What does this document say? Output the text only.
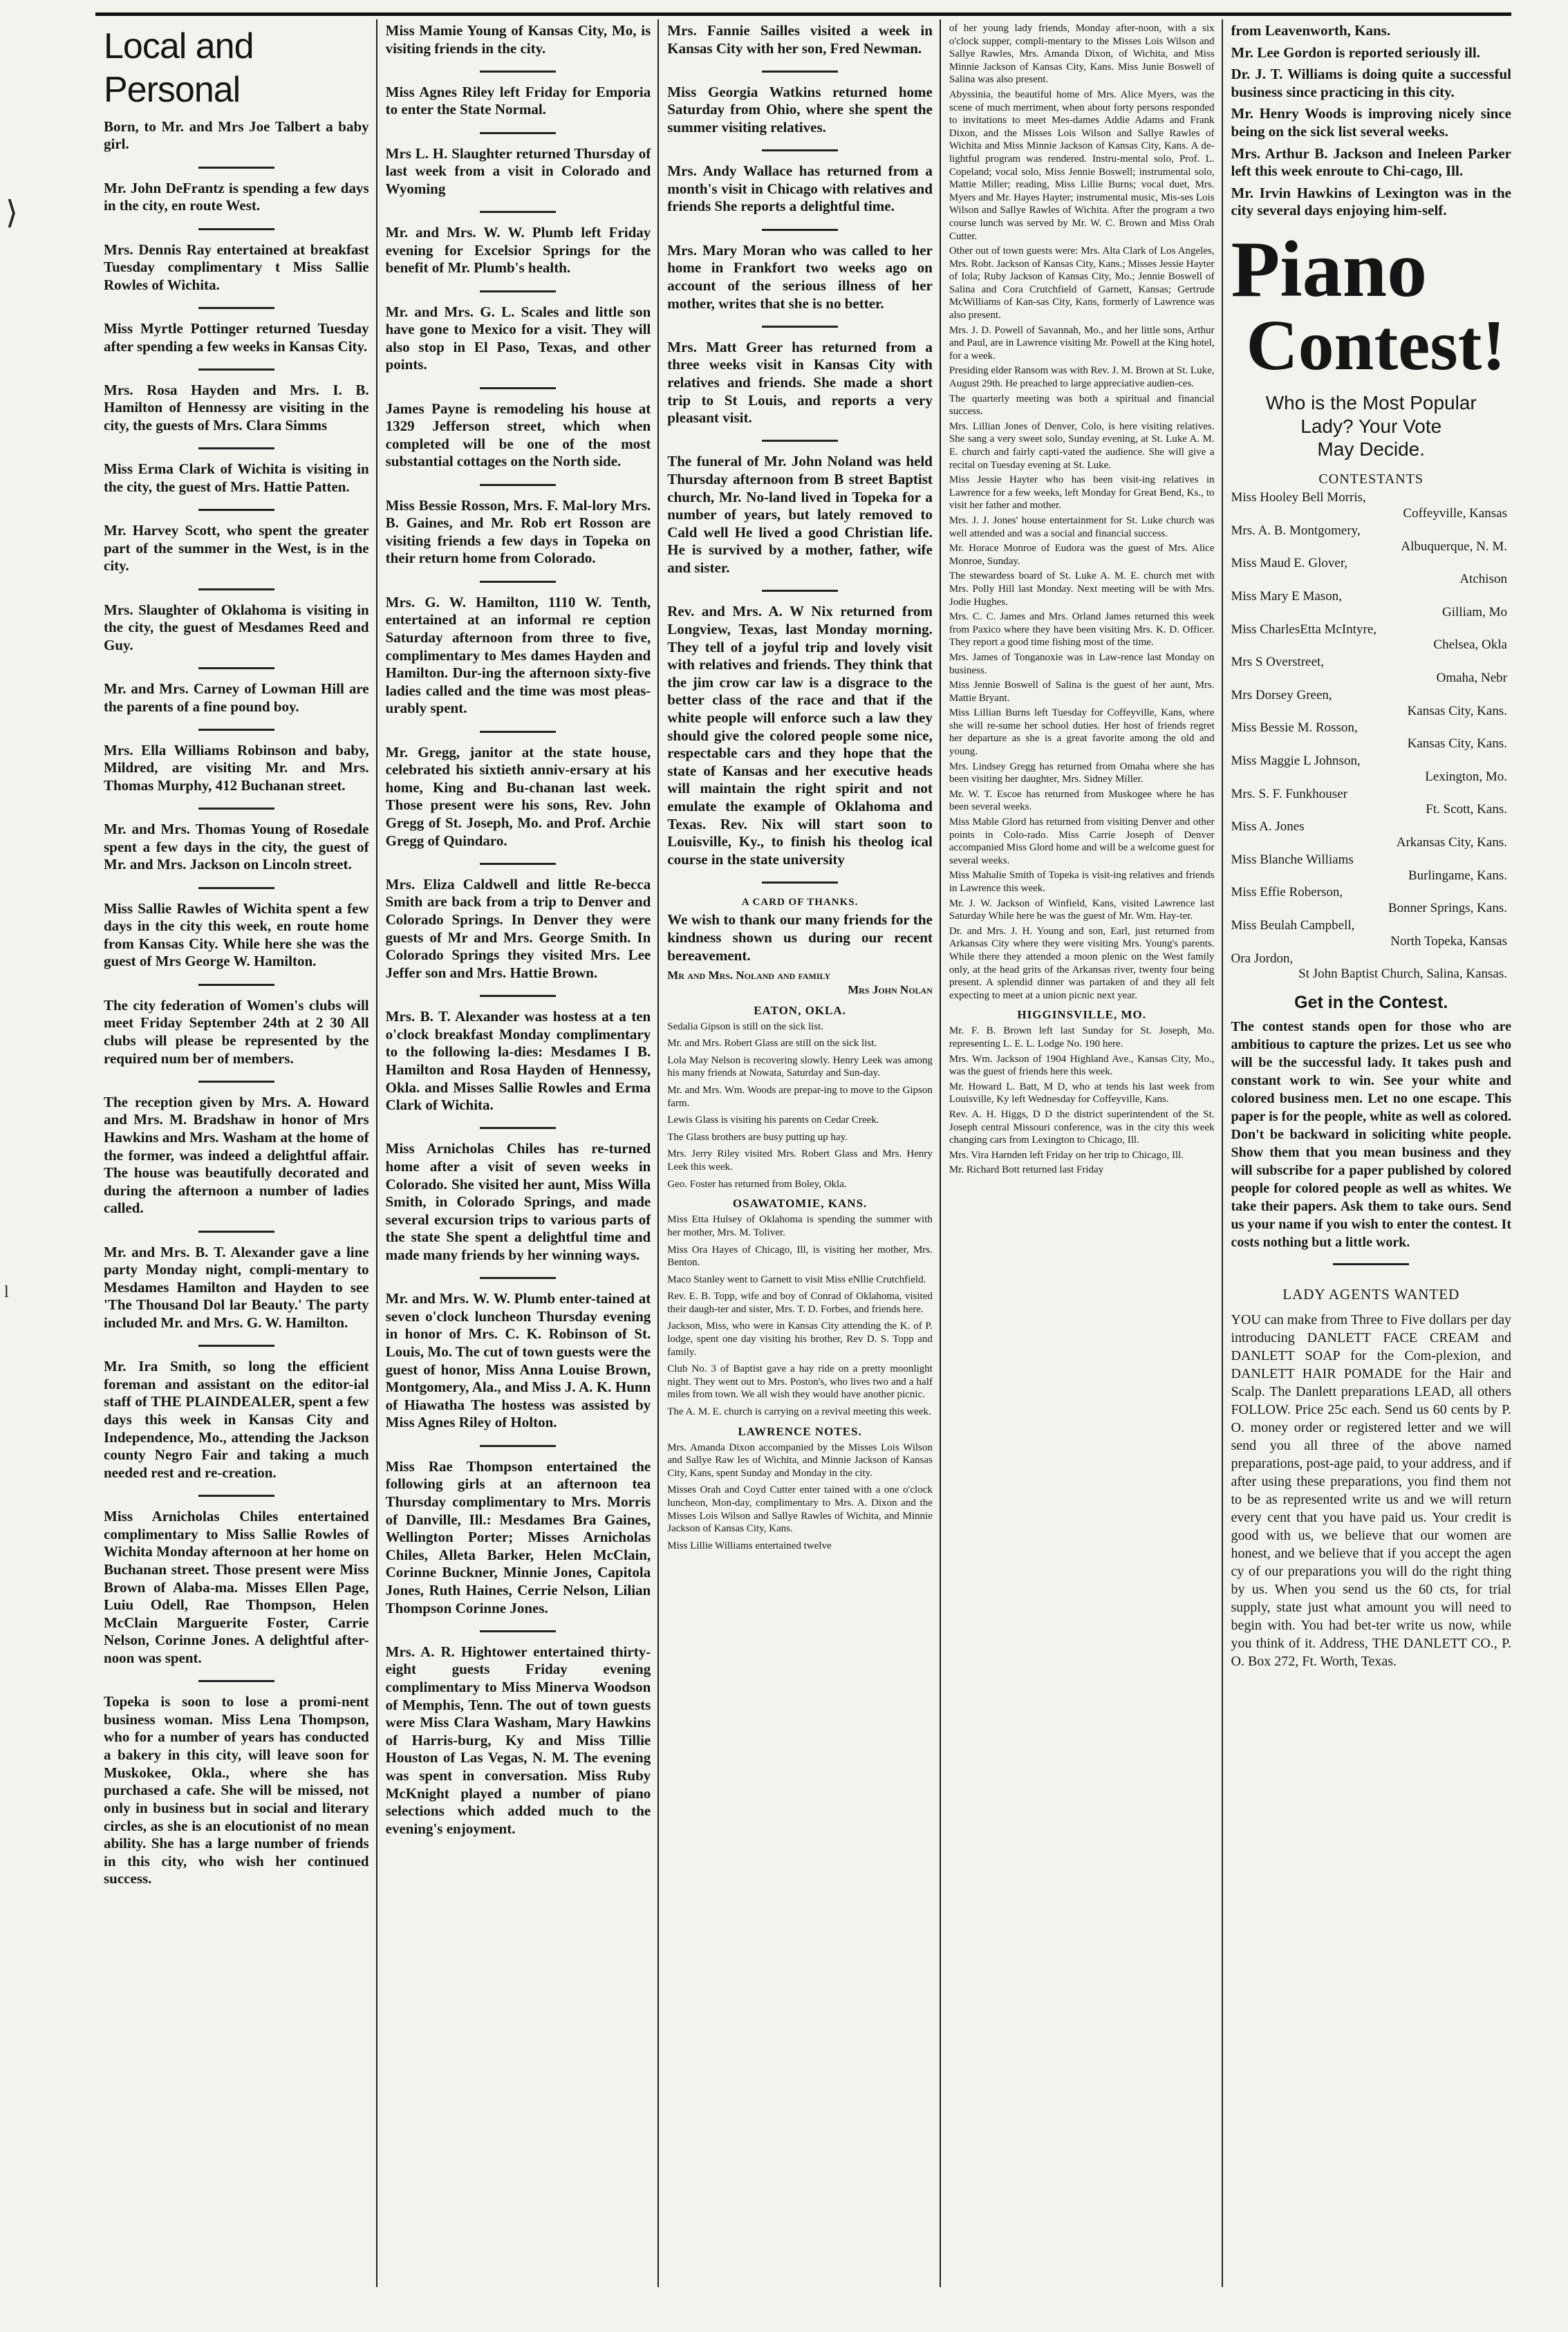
Local and Personal

Born, to Mr. and Mrs Joe Talbert a baby girl.

Mr. John DeFrantz is spending a few days in the city, en route West.

Mrs. Dennis Ray entertained at breakfast Tuesday complimentary t Miss Sallie Rowles of Wichita.

Miss Myrtle Pottinger returned Tuesday after spending a few weeks in Kansas City.

Mrs. Rosa Hayden and Mrs. I. B. Hamilton of Hennessy are visiting in the city, the guests of Mrs. Clara Simms

Miss Erma Clark of Wichita is visiting in the city, the guest of Mrs. Hattie Patten.

Mr. Harvey Scott, who spent the greater part of the summer in the West, is in the city.

Mrs. Slaughter of Oklahoma is visiting in the city, the guest of Mesdames Reed and Guy.

Mr. and Mrs. Carney of Lowman Hill are the parents of a fine pound boy.

Mrs. Ella Williams Robinson and baby, Mildred, are visiting Mr. and Mrs. Thomas Murphy, 412 Buchanan street.

Mr. and Mrs. Thomas Young of Rosedale spent a few days in the city, the guest of Mr. and Mrs. Jackson on Lincoln street.

Miss Sallie Rawles of Wichita spent a few days in the city this week, en route home from Kansas City. While here she was the guest of Mrs George W. Hamilton.

The city federation of Women's clubs will meet Friday September 24th at 2 30 All clubs will please be represented by the required num ber of members.

The reception given by Mrs. A. Howard and Mrs. M. Bradshaw in honor of Mrs Hawkins and Mrs. Washam at the home of the former, was indeed a delightful affair. The house was beautifully decorated and during the afternoon a number of ladies called.

Mr. and Mrs. B. T. Alexander gave a line party Monday night, compli-mentary to Mesdames Hamilton and Hayden to see 'The Thousand Dol lar Beauty.' The party included Mr. and Mrs. G. W. Hamilton.

Mr. Ira Smith, so long the efficient foreman and assistant on the editor-ial staff of THE PLAINDEALER, spent a few days this week in Kansas City and Independence, Mo., attending the Jackson county Negro Fair and taking a much needed rest and re-creation.

Miss Arnicholas Chiles entertained complimentary to Miss Sallie Rowles of Wichita Monday afternoon at her home on Buchanan street. Those present were Miss Brown of Alaba-ma. Misses Ellen Page, Luiu Odell, Rae Thompson, Helen McClain Marguerite Foster, Carrie Nelson, Corinne Jones. A delightful after-noon was spent.

Topeka is soon to lose a promi-nent business woman. Miss Lena Thompson, who for a number of years has conducted a bakery in this city, will leave soon for Muskokee, Okla., where she has purchased a cafe. She will be missed, not only in business but in social and literary circles, as she is an elocutionist of no mean ability. She has a large number of friends in this city, who wish her continued success.

Miss Mamie Young of Kansas City, Mo, is visiting friends in the city.

Miss Agnes Riley left Friday for Emporia to enter the State Normal.

Mrs L. H. Slaughter returned Thursday of last week from a visit in Colorado and Wyoming

Mr. and Mrs. W. W. Plumb left Friday evening for Excelsior Springs for the benefit of Mr. Plumb's health.

Mr. and Mrs. G. L. Scales and little son have gone to Mexico for a visit. They will also stop in El Paso, Texas, and other points.

James Payne is remodeling his house at 1329 Jefferson street, which when completed will be one of the most substantial cottages on the North side.

Miss Bessie Rosson, Mrs. F. Mal-lory Mrs. B. Gaines, and Mr. Rob ert Rosson are visiting friends a few days in Topeka on their return home from Colorado.

Mrs. G. W. Hamilton, 1110 W. Tenth, entertained at an informal re ception Saturday afternoon from three to five, complimentary to Mes dames Hayden and Hamilton. Dur-ing the afternoon sixty-five ladies called and the time was most pleas-urably spent.

Mr. Gregg, janitor at the state house, celebrated his sixtieth anniv-ersary at his home, King and Bu-chanan last week. Those present were his sons, Rev. John Gregg of St. Joseph, Mo. and Prof. Archie Gregg of Quindaro.

Mrs. Eliza Caldwell and little Re-becca Smith are back from a trip to Denver and Colorado Springs. In Denver they were guests of Mr and Mrs. George Smith. In Colorado Springs they visited Mrs. Lee Jeffer son and Mrs. Hattie Brown.

Mrs. B. T. Alexander was hostess at a ten o'clock breakfast Monday complimentary to the following la-dies: Mesdames I B. Hamilton and Rosa Hayden of Hennessy, Okla. and Misses Sallie Rowles and Erma Clark of Wichita.

Miss Arnicholas Chiles has re-turned home after a visit of seven weeks in Colorado. She visited her aunt, Miss Willa Smith, in Colorado Springs, and made several excursion trips to various parts of the state She spent a delightful time and made many friends by her winning ways.

Mr. and Mrs. W. W. Plumb enter-tained at seven o'clock luncheon Thursday evening in honor of Mrs. C. K. Robinson of St. Louis, Mo. The cut of town guests were the guest of honor, Miss Anna Louise Brown, Montgomery, Ala., and Miss J. A. K. Hunn of Hiawatha The hostess was assisted by Miss Agnes Riley of Holton.

Miss Rae Thompson entertained the following girls at an afternoon tea Thursday complimentary to Mrs. Morris of Danville, Ill.: Mesdames Bra Gaines, Wellington Porter; Misses Arnicholas Chiles, Alleta Barker, Helen McClain, Corinne Buckner, Minnie Jones, Capitola Jones, Ruth Haines, Cerrie Nelson, Lilian Thompson Corinne Jones.

Mrs. A. R. Hightower entertained thirty-eight guests Friday evening complimentary to Miss Minerva Woodson of Memphis, Tenn. The out of town guests were Miss Clara Washam, Mary Hawkins of Harris-burg, Ky and Miss Tillie Houston of Las Vegas, N. M. The evening was spent in conversation. Miss Ruby McKnight played a number of piano selections which added much to the evening's enjoyment.

Mrs. Fannie Sailles visited a week in Kansas City with her son, Fred Newman.

Miss Georgia Watkins returned home Saturday from Ohio, where she spent the summer visiting relatives.

Mrs. Andy Wallace has returned from a month's visit in Chicago with relatives and friends She reports a delightful time.

Mrs. Mary Moran who was called to her home in Frankfort two weeks ago on account of the serious illness of her mother, writes that she is no better.

Mrs. Matt Greer has returned from a three weeks visit in Kansas City with relatives and friends. She made a short trip to St Louis, and reports a very pleasant visit.

The funeral of Mr. John Noland was held Thursday afternoon from B street Baptist church, Mr. No-land lived in Topeka for a number of years, but lately removed to Cald well He lived a good Christian life. He is survived by a mother, father, wife and sister.

Rev. and Mrs. A. W Nix returned from Longview, Texas, last Monday morning. They tell of a joyful trip and lovely visit with relatives and friends. They think that the jim crow car law is a disgrace to the better class of the race and that if the white people will enforce such a law they should give the colored people some nice, respectable cars and they hope that the state of Kansas and her executive heads will maintain the right spirit and not emulate the example of Oklahoma and Texas. Rev. Nix will start soon to Louisville, Ky., to finish his theolog ical course in the state university

A CARD OF THANKS.

We wish to thank our many friends for the kindness shown us during our recent bereavement.

Mr and Mrs. Noland and family
Mrs John Nolan
EATON, OKLA.

Sedalia Gipson is still on the sick list.

Mr. and Mrs. Robert Glass are still on the sick list.

Lola May Nelson is recovering slowly. Henry Leek was among his many friends at Nowata, Saturday and Sun-day.

Mr. and Mrs. Wm. Woods are prepar-ing to move to the Gipson farm.

Lewis Glass is visiting his parents on Cedar Creek.

The Glass brothers are busy putting up hay.

Mrs. Jerry Riley visited Mrs. Robert Glass and Mrs. Henry Leek this week.

Geo. Foster has returned from Boley, Okla.

OSAWATOMIE, KANS.

Miss Etta Hulsey of Oklahoma is spending the summer with her mother, Mrs. M. Toliver.

Miss Ora Hayes of Chicago, Ill, is visiting her mother, Mrs. Benton.

Maco Stanley went to Garnett to visit Miss eNllie Crutchfield.

Rev. E. B. Topp, wife and boy of Conrad of Oklahoma, visited their daugh-ter and sister, Mrs. T. D. Forbes, and friends here.

Jackson, Miss, who were in Kansas City attending the K. of P. lodge, spent one day visiting his brother, Rev D. S. Topp and family.

Club No. 3 of Baptist gave a hay ride on a pretty moonlight night. They went out to Mrs. Poston's, who lives two and a half miles from town. We all wish they would have another picnic.

The A. M. E. church is carrying on a revival meeting this week.

LAWRENCE NOTES.

Mrs. Amanda Dixon accompanied by the Misses Lois Wilson and Sallye Raw les of Wichita, and Minnie Jackson of Kansas City, Kans, spent Sunday and Monday in the city.

Misses Orah and Coyd Cutter enter tained with a one o'clock luncheon, Mon-day, complimentary to Mrs. A. Dixon and the Misses Lois Wilson and Sallye Rawles of Wichita, and Minnie Jackson of Kansas City, Kans.

Miss Lillie Williams entertained twelve

of her young lady friends, Monday after-noon, with a six o'clock supper, compli-mentary to the Misses Lois Wilson and Sallye Rawles, Mrs. Amanda Dixon, of Wichita, and Miss Minnie Jackson of Kansas City, Kans. Miss Junie Boswell of Salina was also present.

Abyssinia, the beautiful home of Mrs. Alice Myers, was the scene of much merriment, when about forty persons responded to invitations to meet Mes-dames Addie Adams and Frank Dixon, and the Misses Lois Wilson and Sallye Rawles of Wichita and Miss Minnie Jackson of Kansas City, Kans. A de-lightful program was rendered. Instru-mental solo, Prof. L. Copeland; vocal solo, Miss Jennie Boswell; instrumental solo, Mattie Miller; reading, Miss Lillie Burns; vocal duet, Mrs. Myers and Mr. Hayes Hayter; instrumental music, Mis-ses Lois Wilson and Sallye Rawles of Wichita. After the program a two course lunch was served by Mr. W. C. Brown and Miss Orah Cutter.

Other out of town guests were: Mrs. Alta Clark of Los Angeles, Mrs. Robt. Jackson of Kansas City, Kans.; Misses Jessie Hayter of Iola; Ruby Jackson of Kansas City, Mo.; Jennie Boswell of Salina and Cora Crutchfield of Garnett, Kansas; Gertrude McWilliams of Kan-sas City, Kans, formerly of Lawrence was also present.

Mrs. J. D. Powell of Savannah, Mo., and her little sons, Arthur and Paul, are in Lawrence visiting Mr. Powell at the King hotel, for a week.

Presiding elder Ransom was with Rev. J. M. Brown at St. Luke, August 29th. He preached to large appreciative audien-ces.

The quarterly meeting was both a spiritual and financial success.

Mrs. Lillian Jones of Denver, Colo, is here visiting relatives. She sang a very sweet solo, Sunday evening, at St. Luke A. M. E. church and fairly capti-vated the audience. She will give a recital on Tuesday evening at St. Luke.

Miss Jessie Hayter who has been visit-ing relatives in Lawrence for a few weeks, left Monday for Great Bend, Ks., to visit her father and mother.

Mrs. J. J. Jones' house entertainment for St. Luke church was well attended and was a social and financial success.

Mr. Horace Monroe of Eudora was the guest of Mrs. Alice Monroe, Sunday.

The stewardess board of St. Luke A. M. E. church met with Mrs. Polly Hill last Monday. Next meeting will be with Mrs. Jodie Hughes.

Mrs. C. C. James and Mrs. Orland James returned this week from Paxico where they have been visiting Mrs. K. D. Officer. They report a good time fishing most of the time.

Mrs. James of Tonganoxie was in Law-rence last Monday on business.

Miss Jennie Boswell of Salina is the guest of her aunt, Mrs. Mattie Bryant.

Miss Lillian Burns left Tuesday for Coffeyville, Kans, where she will re-sume her school duties. Her host of friends regret her departure as she is a great favorite among the old and young.

Mrs. Lindsey Gregg has returned from Omaha where she has been visiting her daughter, Mrs. Sidney Miller.

Mr. W. T. Escoe has returned from Muskogee where he has been several weeks.

Miss Mable Glord has returned from visiting Denver and other points in Colo-rado. Miss Carrie Joseph of Denver accompanied Miss Glord home and will be a welcome guest for several weeks.

Miss Mahalie Smith of Topeka is visit-ing relatives and friends in Lawrence this week.

Mr. J. W. Jackson of Winfield, Kans, visited Lawrence last Saturday While here he was the guest of Mr. Wm. Hay-ter.

Dr. and Mrs. J. H. Young and son, Earl, just returned from Arkansas City where they were visiting Mrs. Young's parents. While there they attended a moon plenic on the West family only, at the head grits of the Arkansas river, twenty four being present. A splendid dinner was partaken of and they all felt expecting to meet at a union picnic next year.

HIGGINSVILLE, MO.

Mr. F. B. Brown left last Sunday for St. Joseph, Mo. representing L. E. L. Lodge No. 190 here.

Mrs. Wm. Jackson of 1904 Highland Ave., Kansas City, Mo., was the guest of friends here this week.

Mr. Howard L. Batt, M D, who at tends his last week from Louisville, Ky left Wednesday for Coffeyville, Kans.

Rev. A. H. Higgs, D D the district superintendent of the St. Joseph central Missouri conference, was in the city this week changing cars from Lexington to Chicago, Ill.

Mrs. Vira Harnden left Friday on her trip to Chicago, Ill.

Mr. Richard Bott returned last Friday

from Leavenworth, Kans.

Mr. Lee Gordon is reported seriously ill.

Dr. J. T. Williams is doing quite a successful business since practicing in this city.

Mr. Henry Woods is improving nicely since being on the sick list several weeks.

Mrs. Arthur B. Jackson and Ineleen Parker left this week enroute to Chi-cago, Ill.

Mr. Irvin Hawkins of Lexington was in the city several days enjoying him-self.

Piano
Contest!
Who is the Most Popular
Lady? Your Vote
May Decide.
CONTESTANTS
Miss Hooley Bell Morris,
Coffeyville, Kansas
Mrs. A. B. Montgomery,
Albuquerque, N. M.
Miss Maud E. Glover,
Atchison
Miss Mary E Mason,
Gilliam, Mo
Miss CharlesEtta McIntyre,
Chelsea, Okla
Mrs S Overstreet,
Omaha, Nebr
Mrs Dorsey Green,
Kansas City, Kans.
Miss Bessie M. Rosson,
Kansas City, Kans.
Miss Maggie L Johnson,
Lexington, Mo.
Mrs. S. F. Funkhouser
Ft. Scott, Kans.
Miss A. Jones
Arkansas City, Kans.
Miss Blanche Williams
Burlingame, Kans.
Miss Effie Roberson,
Bonner Springs, Kans.
Miss Beulah Campbell,
North Topeka, Kansas
Ora Jordon,
St John Baptist Church, Salina, Kansas.
Get in the Contest.

The contest stands open for those who are ambitious to capture the prizes. Let us see who will be the successful lady. It takes push and constant work to win. See your white and colored business men. Let no one escape. This paper is for the people, white as well as colored. Don't be backward in soliciting white people. Show them that you mean business and they will subscribe for a paper published by colored people for colored people as well as whites. We take their papers. Ask them to take ours. Send us your name if you wish to enter the contest. It costs nothing but a little work.

LADY AGENTS WANTED

YOU can make from Three to Five dollars per day introducing DANLETT FACE CREAM and DANLETT SOAP for the Com-plexion, and DANLETT HAIR POMADE for the Hair and Scalp. The Danlett preparations LEAD, all others FOLLOW. Price 25c each. Send us 60 cents by P. O. money order or registered letter and we will send you all three of the above named preparations, post-age paid, to your address, and if after using these preparations, you find them not to be as represented write us and we will return every cent that you have paid us. Your credit is good with us, we believe that our women are honest, and we believe that if you accept the agen cy of our preparations you will do the right thing by us. When you send us the 60 cts, for trial supply, state just what amount you will need to begin with. You had bet-ter write us now, while you think of it. Address, THE DANLETT CO., P. O. Box 272, Ft. Worth, Texas.

⟩
ˡ
